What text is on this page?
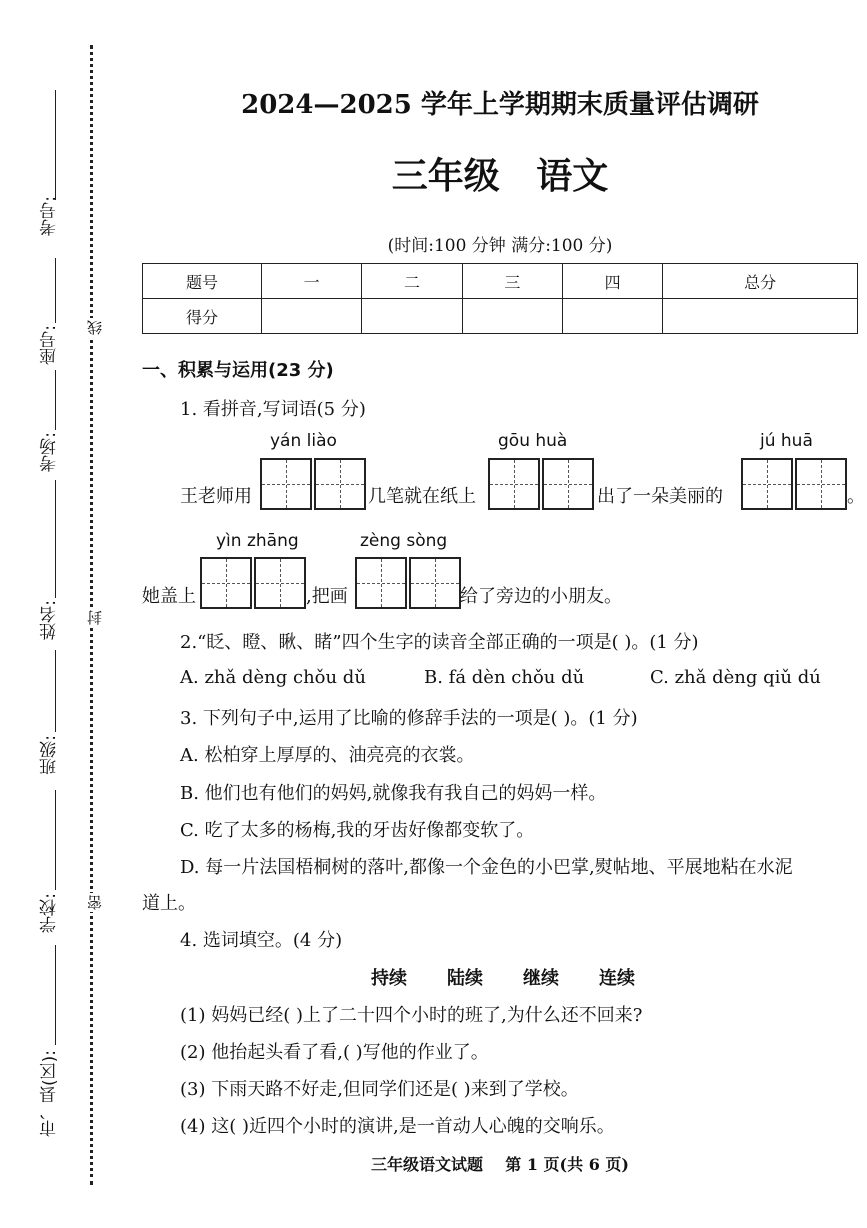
考号:
座号:
考场:
姓名:
班级:
学校:
市、县(区):
线
封
密
2024—2025 学年上学期期末质量评估调研
三年级 语文
(时间:100 分钟 满分:100 分)
题号	一	二	三	四	总分
得分					
一、积累与运用(23 分)
1. 看拼音,写词语(5 分)
yán liào	gōu huà	jú huā
王老师用	几笔就在纸上	出了一朵美丽的	。
yìn zhāng	zèng sòng
她盖上	,把画	给了旁边的小朋友。
2.“眨、瞪、瞅、睹”四个生字的读音全部正确的一项是( )。(1 分)
A. zhǎ dèng chǒu dǔ	B. fá dèn chǒu dǔ	C. zhǎ dèng qiǔ dú
3. 下列句子中,运用了比喻的修辞手法的一项是( )。(1 分)
A. 松柏穿上厚厚的、油亮亮的衣裳。
B. 他们也有他们的妈妈,就像我有我自己的妈妈一样。
C. 吃了太多的杨梅,我的牙齿好像都变软了。
D. 每一片法国梧桐树的落叶,都像一个金色的小巴掌,熨帖地、平展地粘在水泥
道上。
4. 选词填空。(4 分)
持续 陆续 继续 连续
(1) 妈妈已经( )上了二十四个小时的班了,为什么还不回来?
(2) 他抬起头看了看,( )写他的作业了。
(3) 下雨天路不好走,但同学们还是( )来到了学校。
(4) 这( )近四个小时的演讲,是一首动人心魄的交响乐。
三年级语文试题    第 1 页(共 6 页)
